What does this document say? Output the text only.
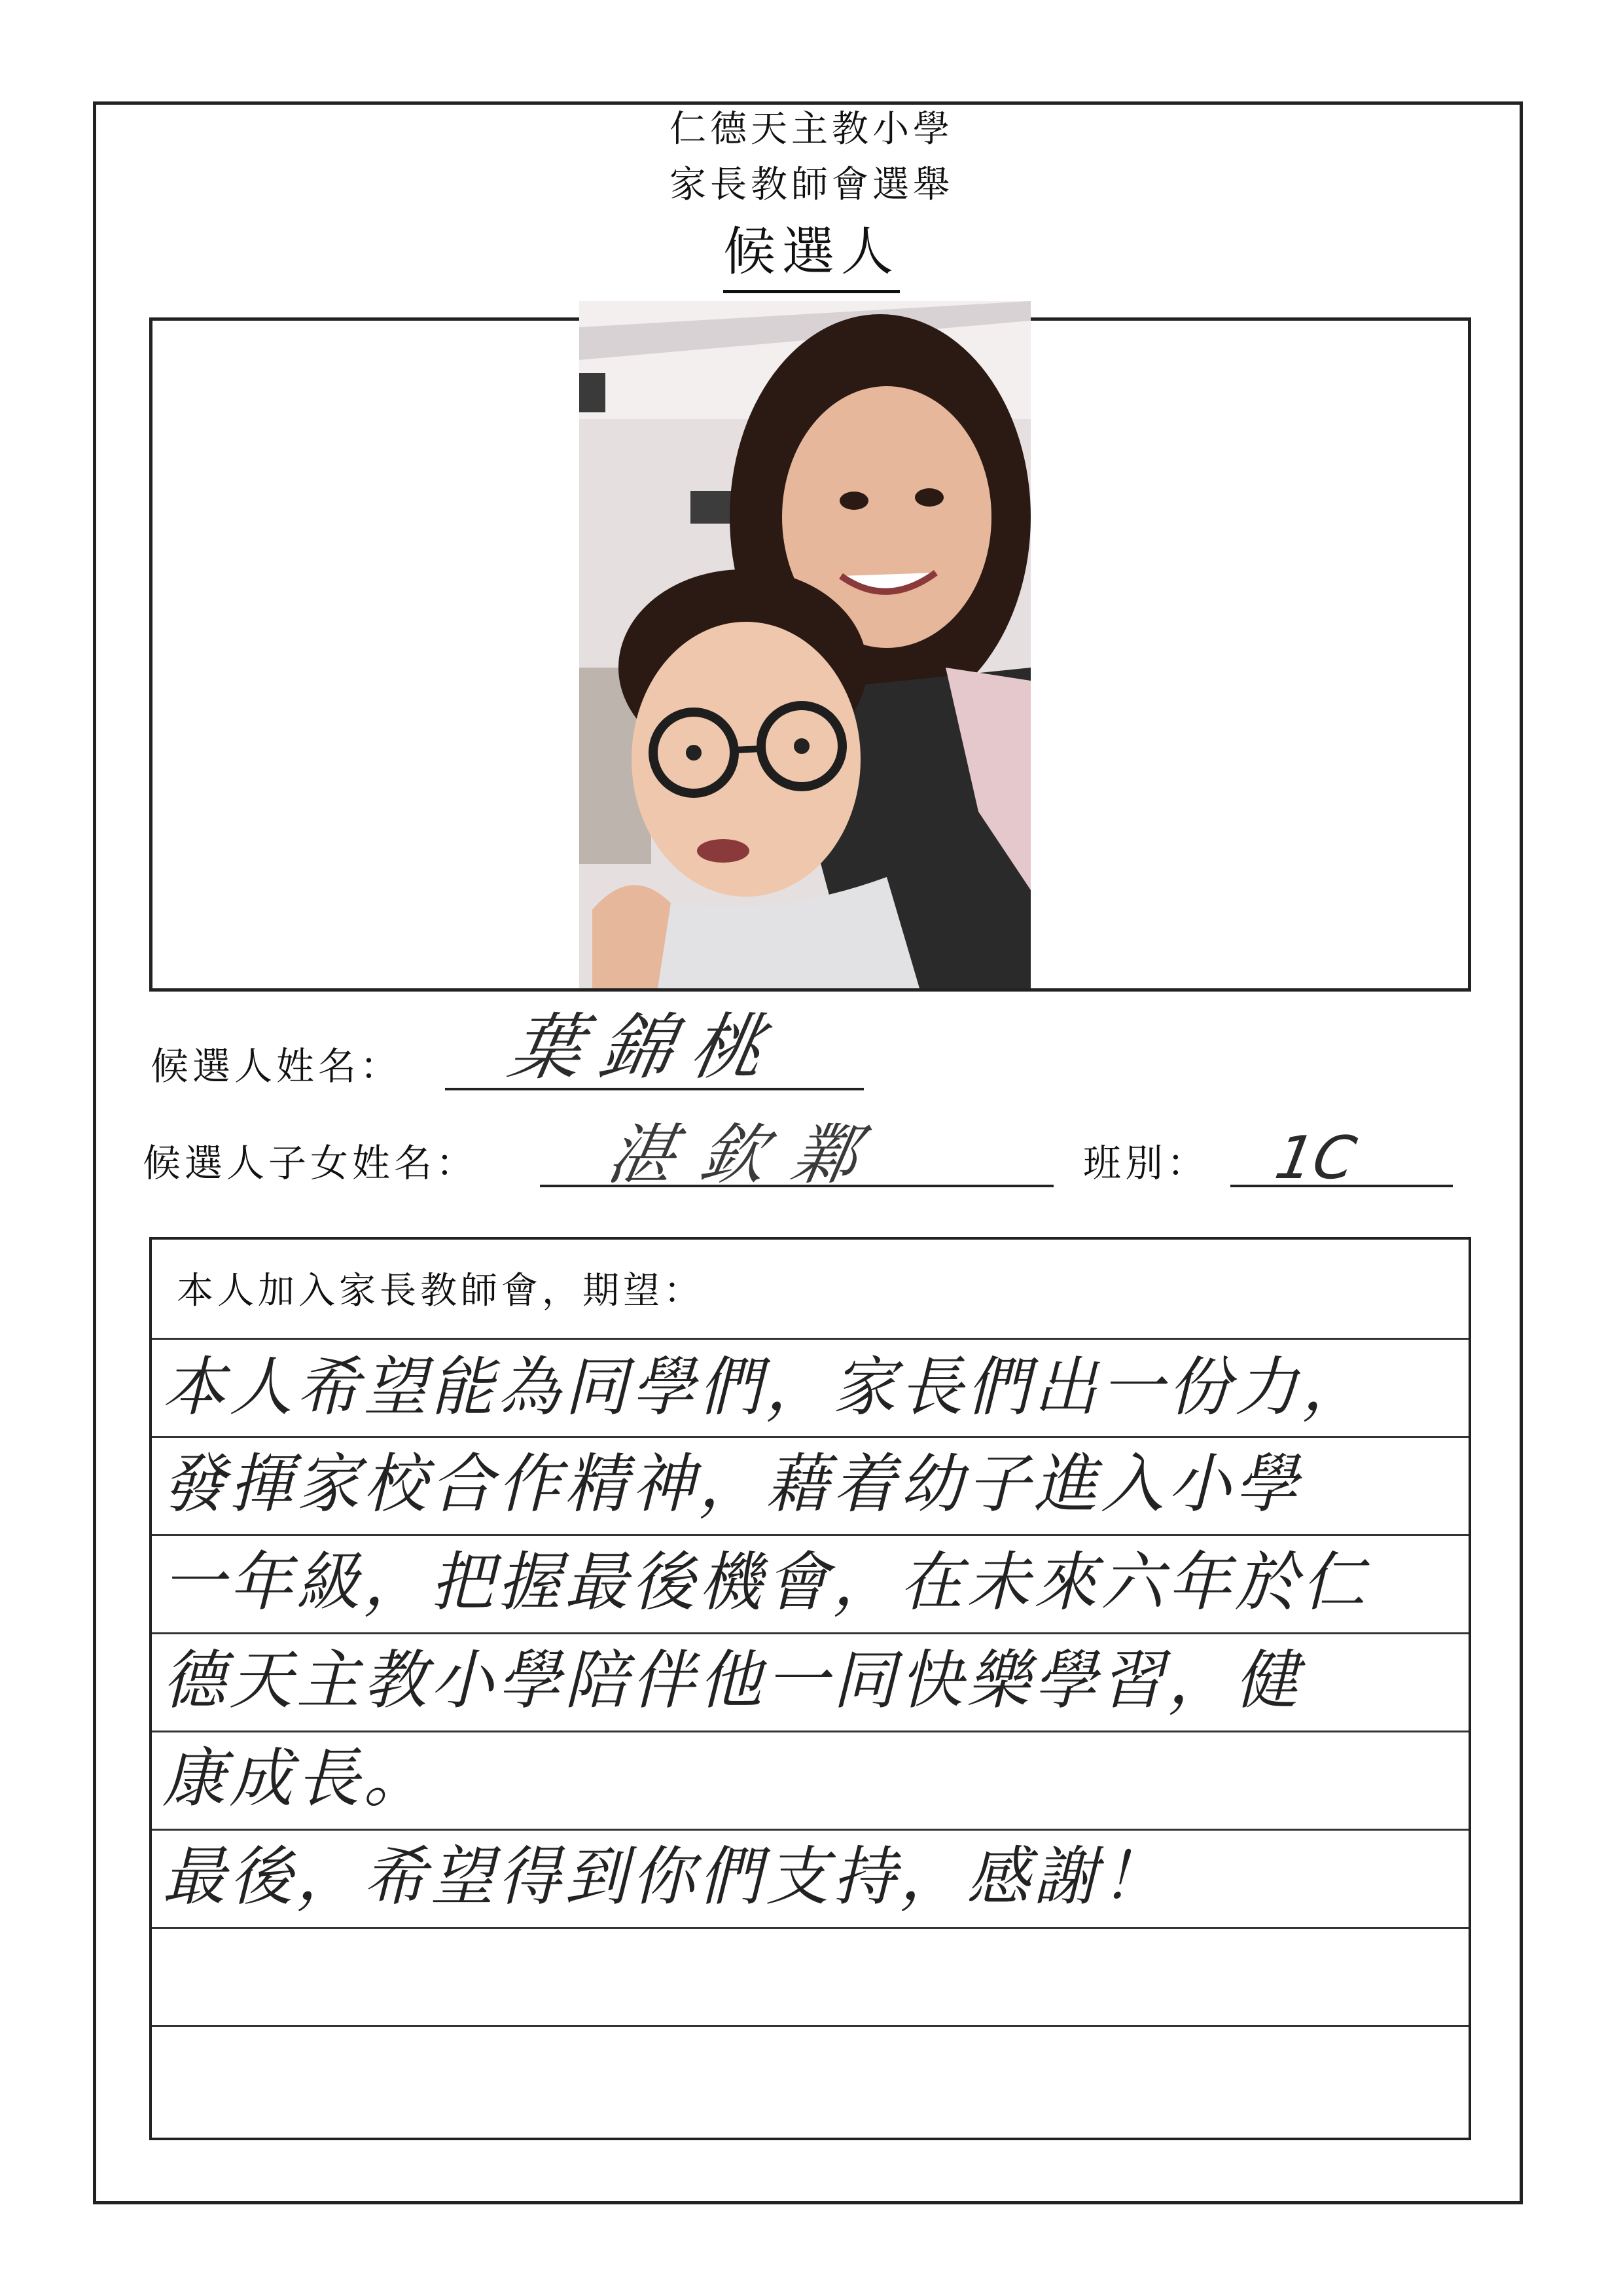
仁德天主教小學
家長教師會選舉
候選人
候選人姓名： 葉錦桃
候選人子女姓名： 湛欽鄴	班別： 1C
本人加入家長教師會，期望：
本人希望能為同學們，家長們出一份力，
發揮家校合作精神，藉着幼子進入小學
一年級，把握最後機會，在未來六年於仁
德天主教小學陪伴他一同快樂學習，健
康成長。
最後，希望得到你們支持，感謝！
